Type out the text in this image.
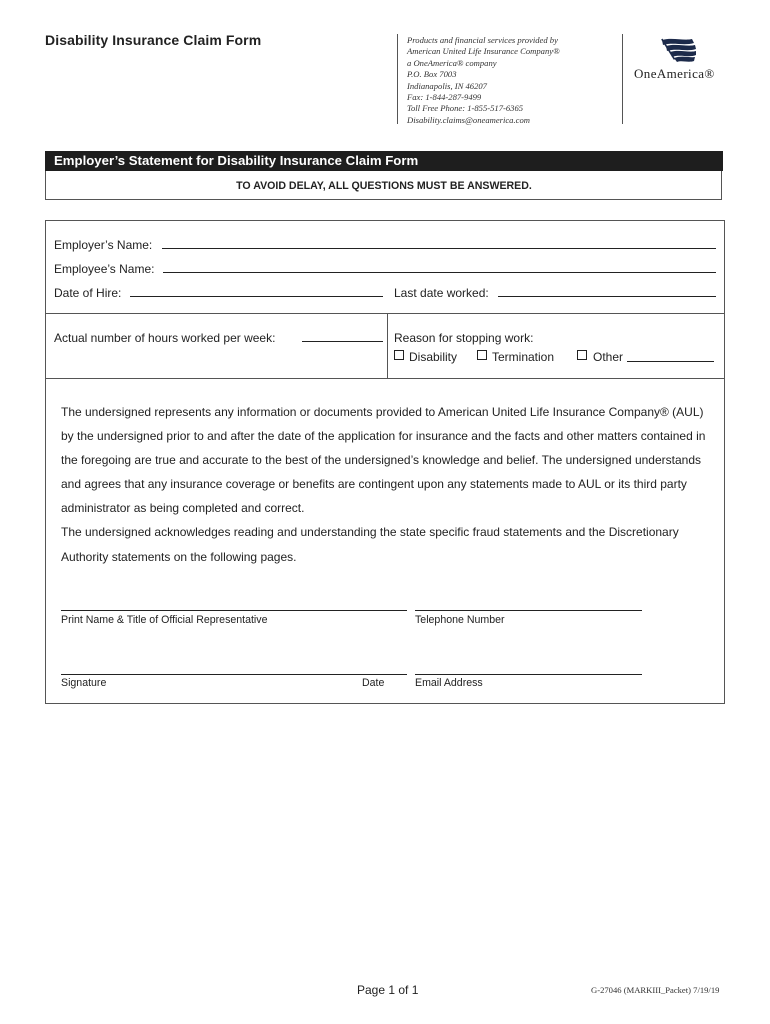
Disability Insurance Claim Form	Products and financial services provided by
American United Life Insurance Company®
a OneAmerica® company
P.O. Box 7003
Indianapolis, IN 46207
Fax: 1-844-287-9499
Toll Free Phone: 1-855-517-6365
Disability.claims@oneamerica.com
OneAmerica®
Employer’s Statement for Disability Insurance Claim Form
TO AVOID DELAY, ALL QUESTIONS MUST BE ANSWERED.
Employer’s Name:
Employee’s Name:
Date of Hire:	Last date worked:
Actual number of hours worked per week:	Reason for stopping work:
Disability	Termination	Other

The undersigned represents any information or documents provided to American United Life Insurance Company® (AUL) by the undersigned prior to and after the date of the application for insurance and the facts and other matters contained in the foregoing are true and accurate to the best of the undersigned’s knowledge and belief. The undersigned understands and agrees that any insurance coverage or benefits are contingent upon any statements made to AUL or its third party administrator as being completed and correct.

The undersigned acknowledges reading and understanding the state specific fraud statements and the Discretionary Authority statements on the following pages.

Print Name & Title of Official Representative	Telephone Number
Signature	Date	Email Address
Page 1 of 1	G-27046 (MARKIII_Packet) 7/19/19
